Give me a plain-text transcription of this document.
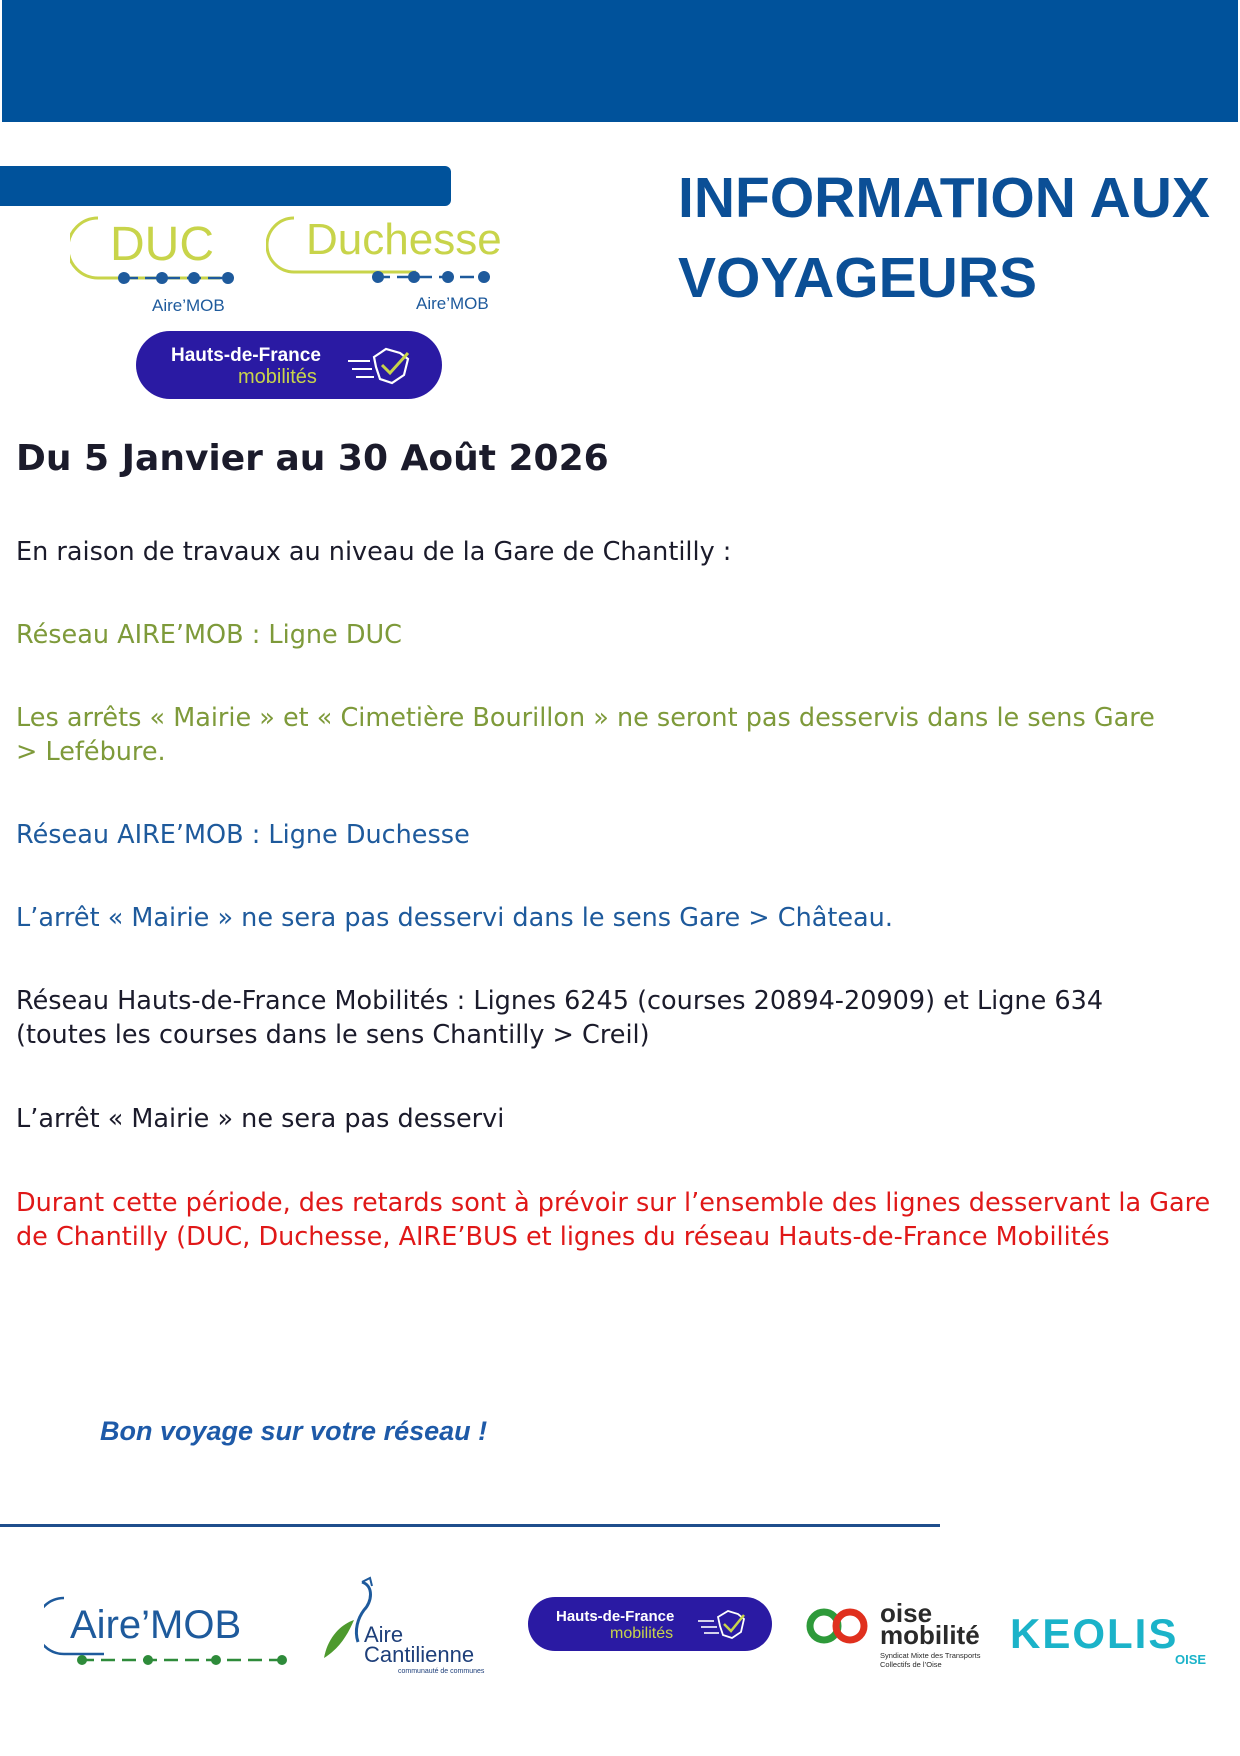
DUC
Aire’MOB
Duchesse
Aire’MOB
Hauts-de-France
mobilités
INFORMATION AUX
VOYAGEURS
Du 5 Janvier au 30 Août 2026
En raison de travaux au niveau de la Gare de Chantilly :
Réseau AIRE’MOB : Ligne DUC
Les arrêts « Mairie » et « Cimetière Bourillon » ne seront pas desservis dans le sens Gare > Lefébure.
Réseau AIRE’MOB : Ligne Duchesse
L’arrêt « Mairie » ne sera pas desservi dans le sens Gare > Château.
Réseau Hauts-de-France Mobilités : Lignes 6245 (courses 20894-20909) et Ligne 634 (toutes les courses dans le sens Chantilly > Creil)
L’arrêt « Mairie » ne sera pas desservi
Durant cette période, des retards sont à prévoir sur l’ensemble des lignes desservant la Gare de Chantilly (DUC, Duchesse, AIRE’BUS et lignes du réseau Hauts-de-France Mobilités
Bon voyage sur votre réseau !
Aire’MOB	Aire
Cantilienne
communauté de communes
Hauts-de-France
mobilités
oise
mobilité
Syndicat Mixte des Transports
Collectifs de l’Oise
KEOLIS
OISE
